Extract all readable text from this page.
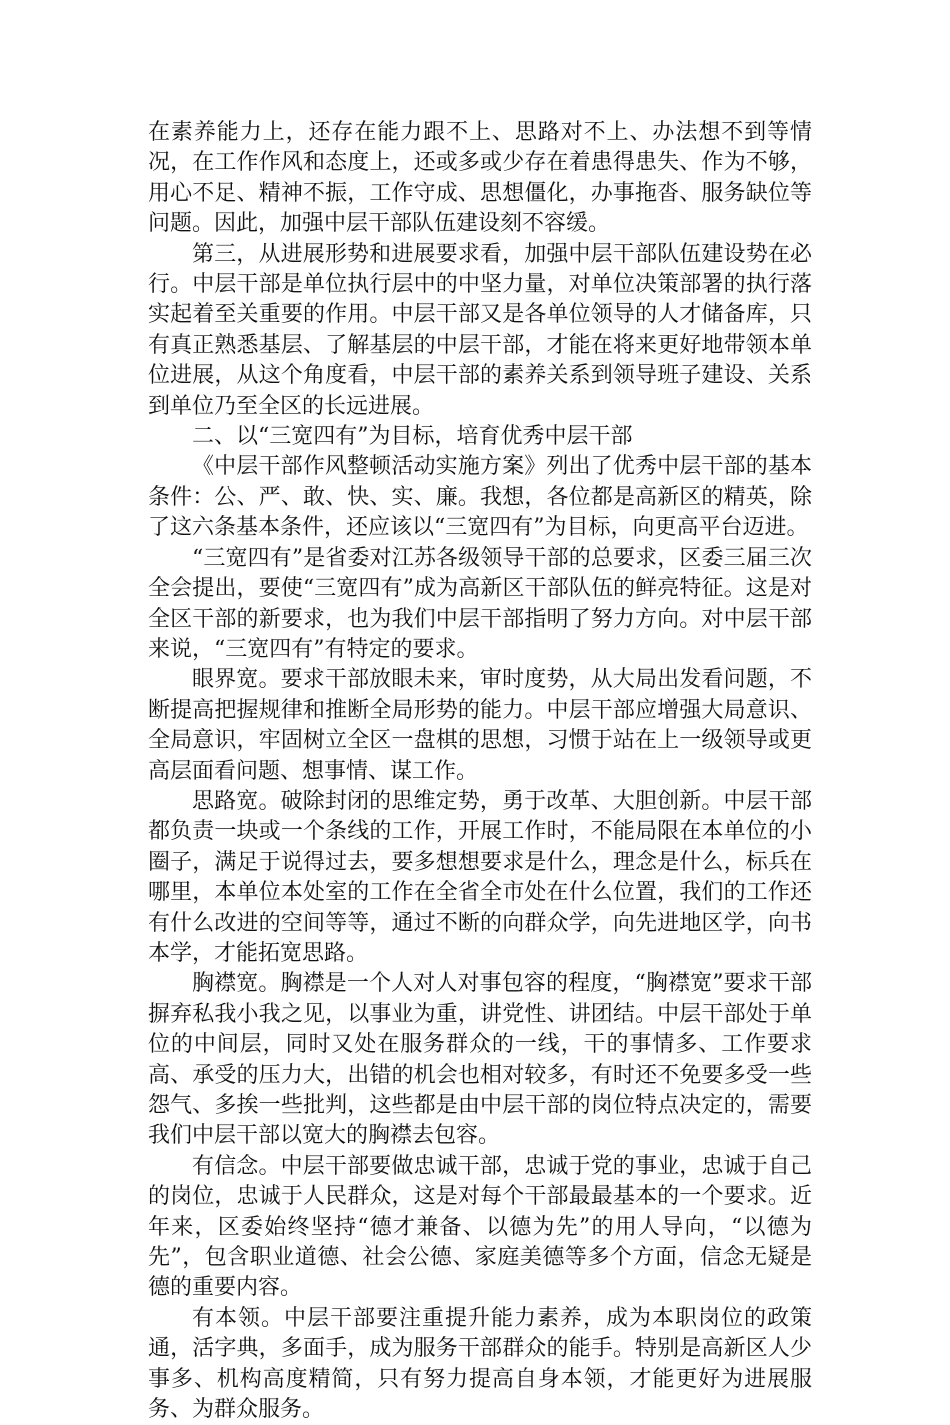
在素养能力上，还存在能力跟不上、思路对不上、办法想不到等情况，在工作作风和态度上，还或多或少存在着患得患失、作为不够，用心不足、精神不振，工作守成、思想僵化，办事拖沓、服务缺位等问题。因此，加强中层干部队伍建设刻不容缓。

第三，从进展形势和进展要求看，加强中层干部队伍建设势在必行。中层干部是单位执行层中的中坚力量，对单位决策部署的执行落实起着至关重要的作用。中层干部又是各单位领导的人才储备库，只有真正熟悉基层、了解基层的中层干部，才能在将来更好地带领本单位进展，从这个角度看，中层干部的素养关系到领导班子建设、关系到单位乃至全区的长远进展。

二、以“三宽四有”为目标，培育优秀中层干部

《中层干部作风整顿活动实施方案》列出了优秀中层干部的基本条件：公、严、敢、快、实、廉。我想，各位都是高新区的精英，除了这六条基本条件，还应该以“三宽四有”为目标，向更高平台迈进。

“三宽四有”是省委对江苏各级领导干部的总要求，区委三届三次全会提出，要使“三宽四有”成为高新区干部队伍的鲜亮特征。这是对全区干部的新要求，也为我们中层干部指明了努力方向。对中层干部来说，“三宽四有”有特定的要求。

眼界宽。要求干部放眼未来，审时度势，从大局出发看问题，不断提高把握规律和推断全局形势的能力。中层干部应增强大局意识、全局意识，牢固树立全区一盘棋的思想，习惯于站在上一级领导或更高层面看问题、想事情、谋工作。

思路宽。破除封闭的思维定势，勇于改革、大胆创新。中层干部都负责一块或一个条线的工作，开展工作时，不能局限在本单位的小圈子，满足于说得过去，要多想想要求是什么，理念是什么，标兵在哪里，本单位本处室的工作在全省全市处在什么位置，我们的工作还有什么改进的空间等等，通过不断的向群众学，向先进地区学，向书本学，才能拓宽思路。

胸襟宽。胸襟是一个人对人对事包容的程度，“胸襟宽”要求干部摒弃私我小我之见，以事业为重，讲党性、讲团结。中层干部处于单位的中间层，同时又处在服务群众的一线，干的事情多、工作要求高、承受的压力大，出错的机会也相对较多，有时还不免要多受一些怨气、多挨一些批判，这些都是由中层干部的岗位特点决定的，需要我们中层干部以宽大的胸襟去包容。

有信念。中层干部要做忠诚干部，忠诚于党的事业，忠诚于自己的岗位，忠诚于人民群众，这是对每个干部最最基本的一个要求。近年来，区委始终坚持“德才兼备、以德为先”的用人导向，“以德为先”，包含职业道德、社会公德、家庭美德等多个方面，信念无疑是德的重要内容。

有本领。中层干部要注重提升能力素养，成为本职岗位的政策通，活字典，多面手，成为服务干部群众的能手。特别是高新区人少事多、机构高度精简，只有努力提高自身本领，才能更好为进展服务、为群众服务。
